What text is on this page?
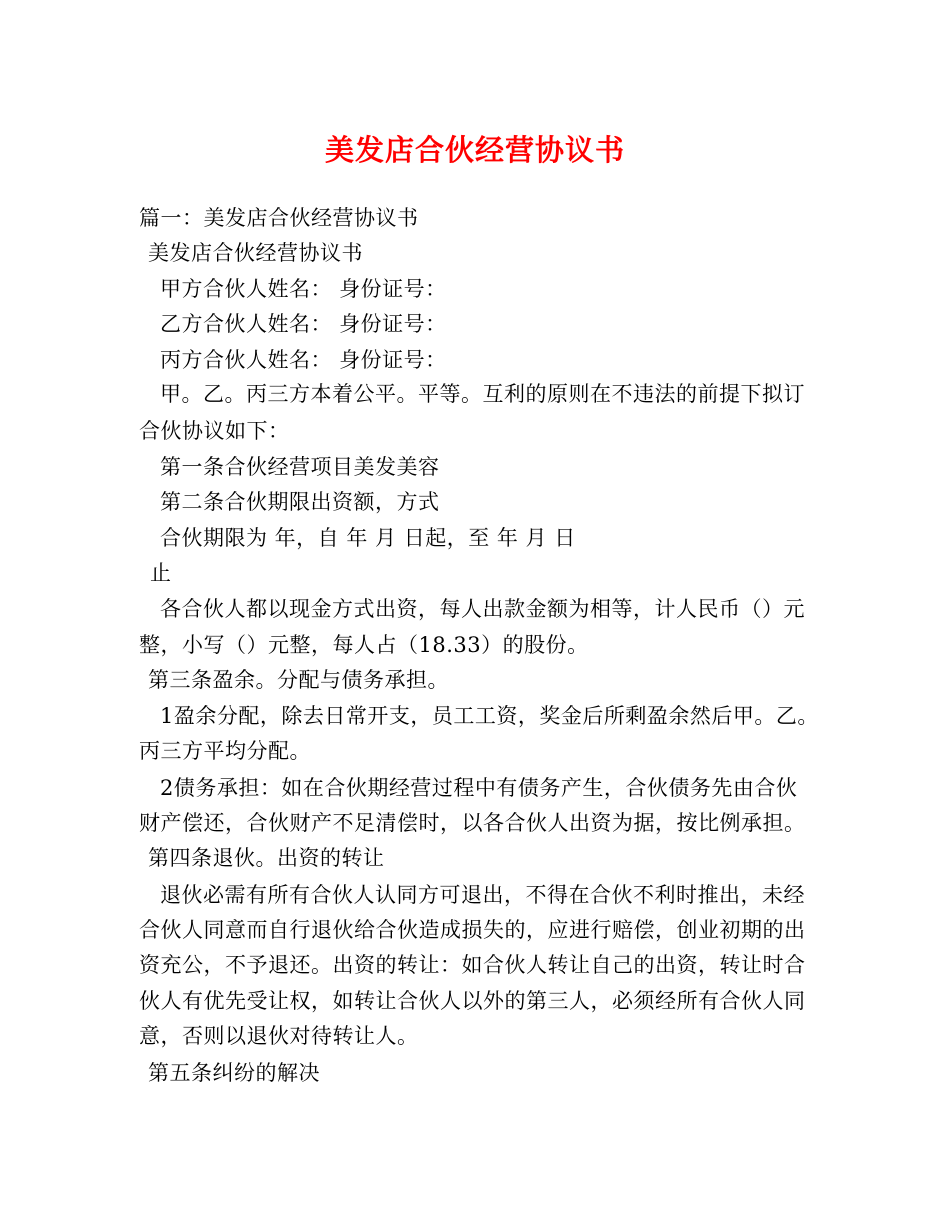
美发店合伙经营协议书
篇一：美发店合伙经营协议书
美发店合伙经营协议书
甲方合伙人姓名： 身份证号：
乙方合伙人姓名： 身份证号：
丙方合伙人姓名： 身份证号：
甲。乙。丙三方本着公平。平等。互利的原则在不违法的前提下拟订
合伙协议如下：
第一条合伙经营项目美发美容
第二条合伙期限出资额，方式
合伙期限为 年，自 年 月 日起，至 年 月 日
止
各合伙人都以现金方式出资，每人出款金额为相等，计人民币（）元
整，小写（）元整，每人占（18.33）的股份。
第三条盈余。分配与债务承担。
1盈余分配，除去日常开支，员工工资，奖金后所剩盈余然后甲。乙。
丙三方平均分配。
2债务承担：如在合伙期经营过程中有债务产生，合伙债务先由合伙
财产偿还，合伙财产不足清偿时，以各合伙人出资为据，按比例承担。
第四条退伙。出资的转让
退伙必需有所有合伙人认同方可退出，不得在合伙不利时推出，未经
合伙人同意而自行退伙给合伙造成损失的，应进行赔偿，创业初期的出
资充公，不予退还。出资的转让：如合伙人转让自己的出资，转让时合
伙人有优先受让权，如转让合伙人以外的第三人，必须经所有合伙人同
意，否则以退伙对待转让人。
第五条纠纷的解决
